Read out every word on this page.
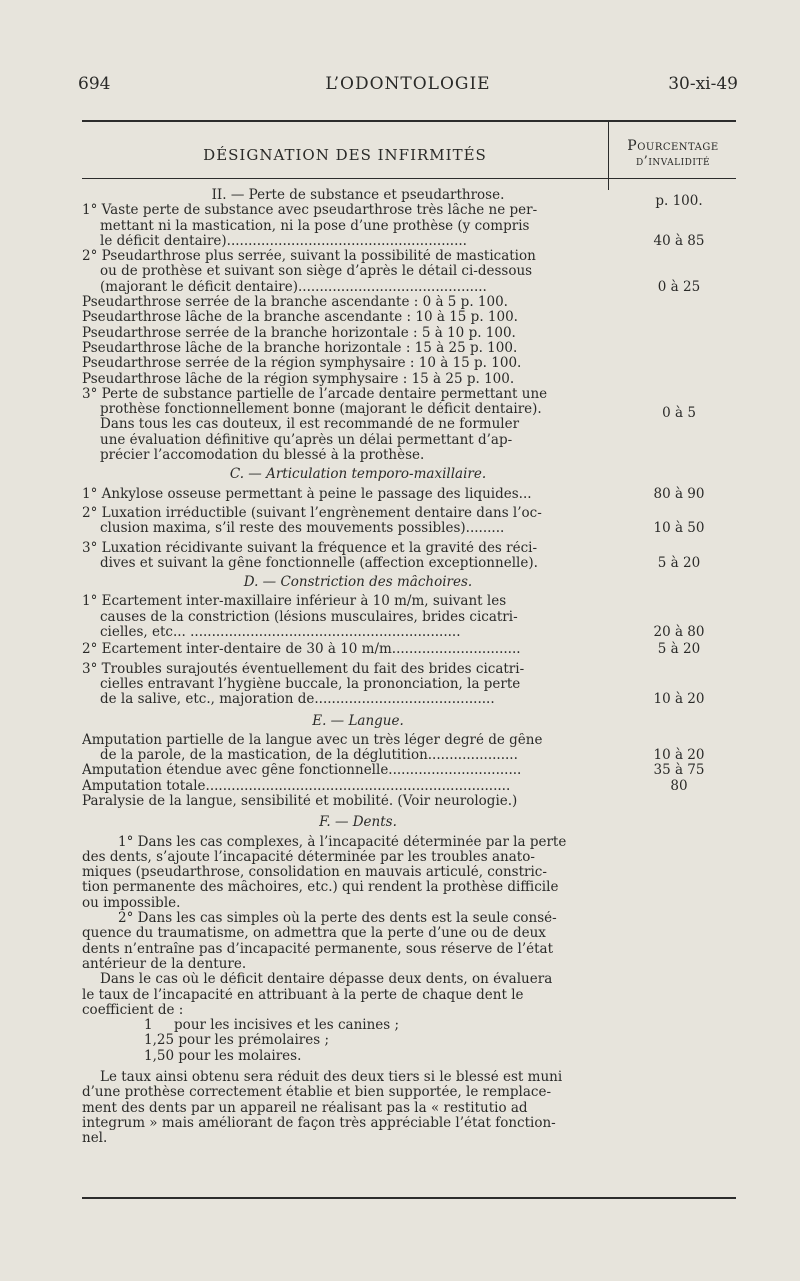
694	L’ODONTOLOGIE	30-xi-49
DÉSIGNATION DES INFIRMITÉS	Pourcentage
d’invalidité
II. — Perte de substance et pseudarthrose.	p. 100.
1° Vaste perte de substance avec pseudarthrose très lâche ne per-
mettant ni la mastication, ni la pose d’une prothèse (y compris
le déficit dentaire)........................................................	40 à 85
2° Pseudarthrose plus serrée, suivant la possibilité de mastication
ou de prothèse et suivant son siège d’après le détail ci-dessous
(majorant le déficit dentaire)............................................	0 à 25
Pseudarthrose serrée de la branche ascendante : 0 à 5 p. 100.
Pseudarthrose lâche de la branche ascendante : 10 à 15 p. 100.
Pseudarthrose serrée de la branche horizontale : 5 à 10 p. 100.
Pseudarthrose lâche de la branche horizontale : 15 à 25 p. 100.
Pseudarthrose serrée de la région symphysaire : 10 à 15 p. 100.
Pseudarthrose lâche de la région symphysaire : 15 à 25 p. 100.
3° Perte de substance partielle de l’arcade dentaire permettant une
prothèse fonctionnellement bonne (majorant le déficit dentaire).	0 à 5
Dans tous les cas douteux, il est recommandé de ne formuler
une évaluation définitive qu’après un délai permettant d’ap-
précier l’accomodation du blessé à la prothèse.
C. — Articulation temporo-maxillaire.
1° Ankylose osseuse permettant à peine le passage des liquides...	80 à 90
2° Luxation irréductible (suivant l’engrènement dentaire dans l’oc-
clusion maxima, s’il reste des mouvements possibles).........	10 à 50
3° Luxation récidivante suivant la fréquence et la gravité des réci-
dives et suivant la gêne fonctionnelle (affection exceptionnelle).	5 à 20
D. — Constriction des mâchoires.
1° Ecartement inter-maxillaire inférieur à 10 m/m, suivant les
causes de la constriction (lésions musculaires, brides cicatri-
cielles, etc... ...............................................................	20 à 80
2° Ecartement inter-dentaire de 30 à 10 m/m..............................	5 à 20
3° Troubles surajoutés éventuellement du fait des brides cicatri-
cielles entravant l’hygiène buccale, la prononciation, la perte
de la salive, etc., majoration de..........................................	10 à 20
E. — Langue.
Amputation partielle de la langue avec un très léger degré de gêne
de la parole, de la mastication, de la déglutition.....................	10 à 20
Amputation étendue avec gêne fonctionnelle...............................	35 à 75
Amputation totale.......................................................................	80
Paralysie de la langue, sensibilité et mobilité. (Voir neurologie.)
F. — Dents.
1° Dans les cas complexes, à l’incapacité déterminée par la perte
des dents, s’ajoute l’incapacité déterminée par les troubles anato-
miques (pseudarthrose, consolidation en mauvais articulé, constric-
tion permanente des mâchoires, etc.) qui rendent la prothèse difficile
ou impossible.
2° Dans les cas simples où la perte des dents est la seule consé-
quence du traumatisme, on admettra que la perte d’une ou de deux
dents n’entraîne pas d’incapacité permanente, sous réserve de l’état
antérieur de la denture.
Dans le cas où le déficit dentaire dépasse deux dents, on évaluera
le taux de l’incapacité en attribuant à la perte de chaque dent le
coefficient de :
1     pour les incisives et les canines ;
1,25 pour les prémolaires ;
1,50 pour les molaires.
Le taux ainsi obtenu sera réduit des deux tiers si le blessé est muni
d’une prothèse correctement établie et bien supportée, le remplace-
ment des dents par un appareil ne réalisant pas la « restitutio ad
integrum » mais améliorant de façon très appréciable l’état fonction-
nel.
